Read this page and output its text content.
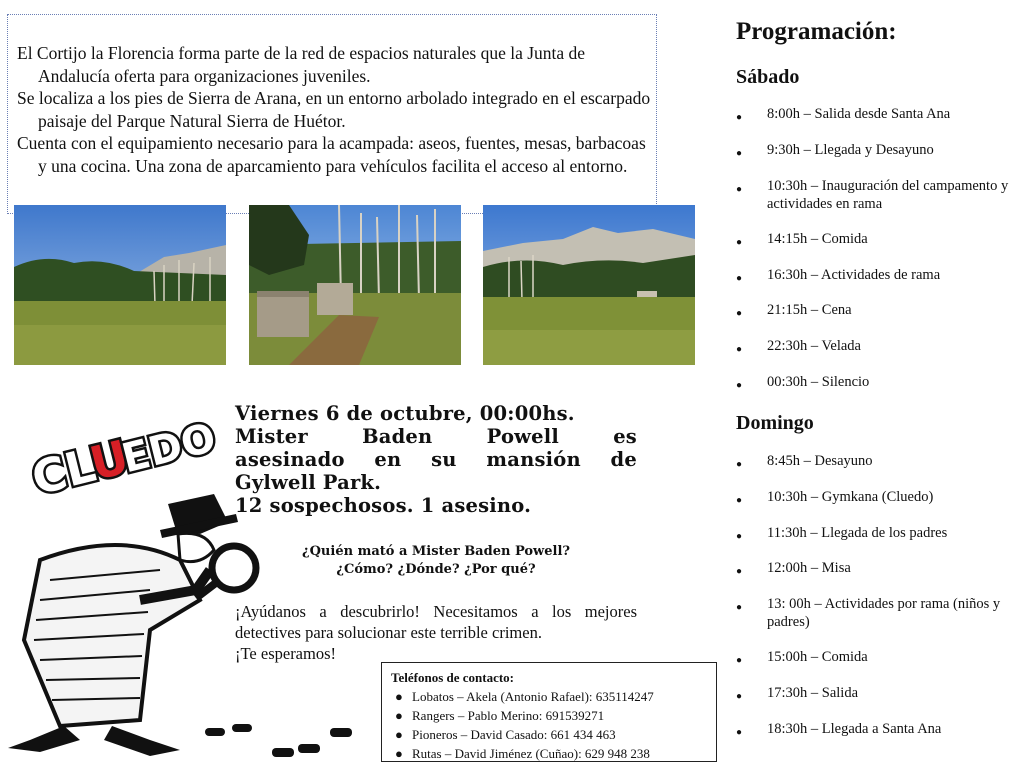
El Cortijo la Florencia forma parte de la red de espacios naturales que la Junta de Andalucía oferta para organizaciones juveniles.

Se localiza a los pies de Sierra de Arana, en un entorno arbolado integrado en el escarpado paisaje del Parque Natural Sierra de Huétor.

Cuenta con el equipamiento necesario para la acampada: aseos, fuentes, mesas, barbacoas y una cocina. Una zona de aparcamiento para vehículos facilita el acceso al entorno.

Programación:
Sábado
● 8:00h – Salida desde Santa Ana
● 9:30h – Llegada y Desayuno
● 10:30h – Inauguración del campamento y actividades en rama
● 14:15h – Comida
● 16:30h – Actividades de rama
● 21:15h – Cena
● 22:30h – Velada
● 00:30h – Silencio
Domingo
● 8:45h – Desayuno
● 10:30h – Gymkana (Cluedo)
● 11:30h – Llegada de los padres
● 12:00h – Misa
● 13: 00h – Actividades por rama (niños y padres)
● 15:00h – Comida
● 17:30h – Salida
● 18:30h – Llegada a Santa Ana
CL
U
EDO
Viernes 6 de octubre, 00:00hs.
Mister Baden Powell es
asesinado en su mansión de
Gylwell Park.
12 sospechosos. 1 asesino.
¿Quién mató a Mister Baden Powell?
¿Cómo? ¿Dónde? ¿Por qué?
¡Ayúdanos a descubrirlo! Necesitamos a los mejores detectives para solucionar este terrible crimen.
¡Te esperamos!
Teléfonos de contacto:
● Lobatos – Akela (Antonio Rafael): 635114247
● Rangers – Pablo Merino: 691539271
● Pioneros – David Casado: 661 434 463
● Rutas – David Jiménez (Cuñao): 629 948 238
